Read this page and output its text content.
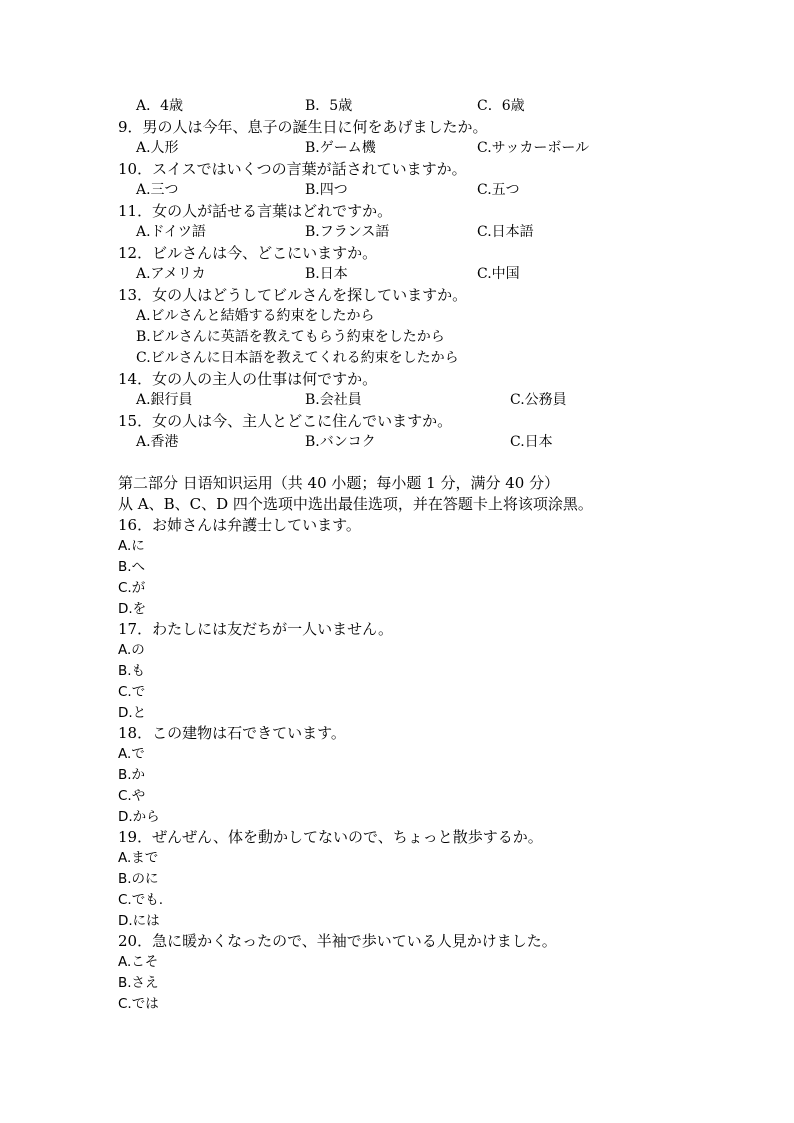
A．4歳	B．5歳	C．6歳
9．男の人は今年、息子の誕生日に何をあげましたか。
A.人形	B.ゲーム機	C.サッカーボール
10．スイスではいくつの言葉が話されていますか。
A.三つ	B.四つ	C.五つ
11．女の人が話せる言葉はどれですか。
A.ドイツ語	B.フランス語	C.日本語
12．ビルさんは今、どこにいますか。
A.アメリカ	B.日本	C.中国
13．女の人はどうしてビルさんを探していますか。
A.ビルさんと結婚する約束をしたから
B.ビルさんに英語を教えてもらう約束をしたから
C.ビルさんに日本語を教えてくれる約束をしたから
14．女の人の主人の仕事は何ですか。
A.銀行員	B.会社員	C.公務員
15．女の人は今、主人とどこに住んでいますか。
A.香港	B.バンコク	C.日本
第二部分 日语知识运用（共 40 小题；每小题 1 分，满分 40 分）
从 A、B、C、D 四个选项中选出最佳选项，并在答题卡上将该项涂黑。
16．お姉さんは弁護士しています。
A.に
B.へ
C.が
D.を
17．わたしには友だちが一人いません。
A.の
B.も
C.で
D.と
18．この建物は石できています。
A.で
B.か
C.や
D.から
19．ぜんぜん、体を動かしてないので、ちょっと散歩するか。
A.まで
B.のに
C.でも.
D.には
20．急に暖かくなったので、半袖で歩いている人見かけました。
A.こそ
B.さえ
C.では
